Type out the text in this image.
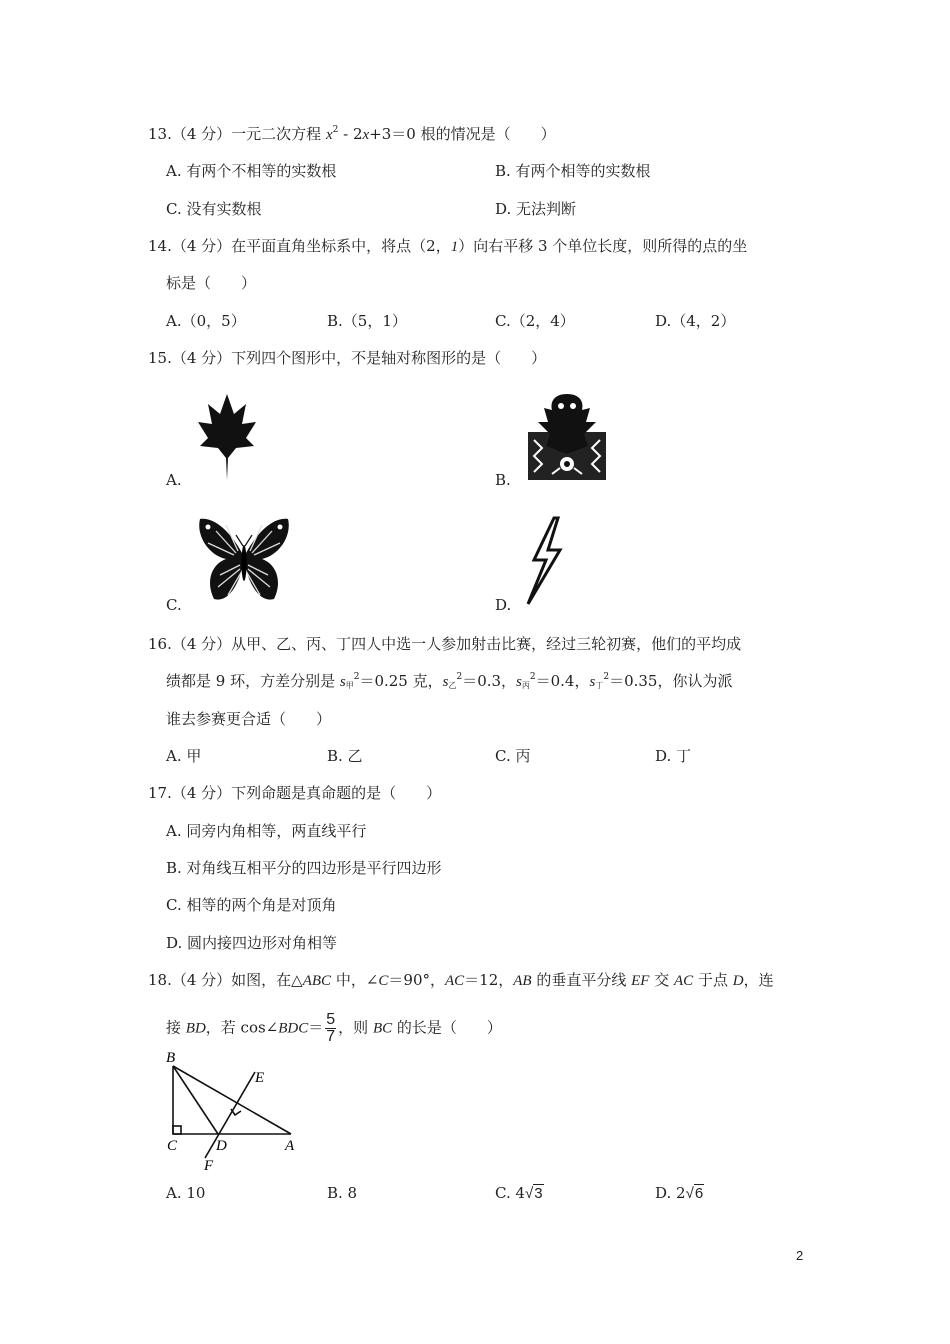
13.（4 分）一元二次方程 $x^2 - 2x+3=0$ 根的情况是（　　）
A. 有两个不相等的实数根	B. 有两个相等的实数根
C. 没有实数根	D. 无法判断
14.（4 分）在平面直角坐标系中，将点（2，1）向右平移 3 个单位长度，则所得的点的坐
标是（　　）
A.（0，5）	B.（5，1）	C.（2，4）	D.（4，2）
15.（4 分）下列四个图形中，不是轴对称图形的是（　　）
A.	B.
C.	D.
16.（4 分）从甲、乙、丙、丁四人中选一人参加射击比赛，经过三轮初赛，他们的平均成
绩都是 9 环，方差分别是 $s_甲^2=0.25$ 克，$s_乙^2=0.3$，$s_丙^2=0.4$，$s_丁^2=0.35$，你认为派
谁去参赛更合适（　　）
A. 甲	B. 乙	C. 丙	D. 丁
17.（4 分）下列命题是真命题的是（　　）
A. 同旁内角相等，两直线平行
B. 对角线互相平分的四边形是平行四边形
C. 相等的两个角是对顶角
D. 圆内接四边形对角相等
18.（4 分）如图，在△ABC 中，∠C＝90°，AC＝12，AB 的垂直平分线 EF 交 AC 于点 D，连
接 BD，若 cos∠BDC＝ $\frac{5}{7}$ ，则 BC 的长是（　　）
B
C	D	A
E
F
A. 10	B. 8	C. 4√3	D. 2√6
2
